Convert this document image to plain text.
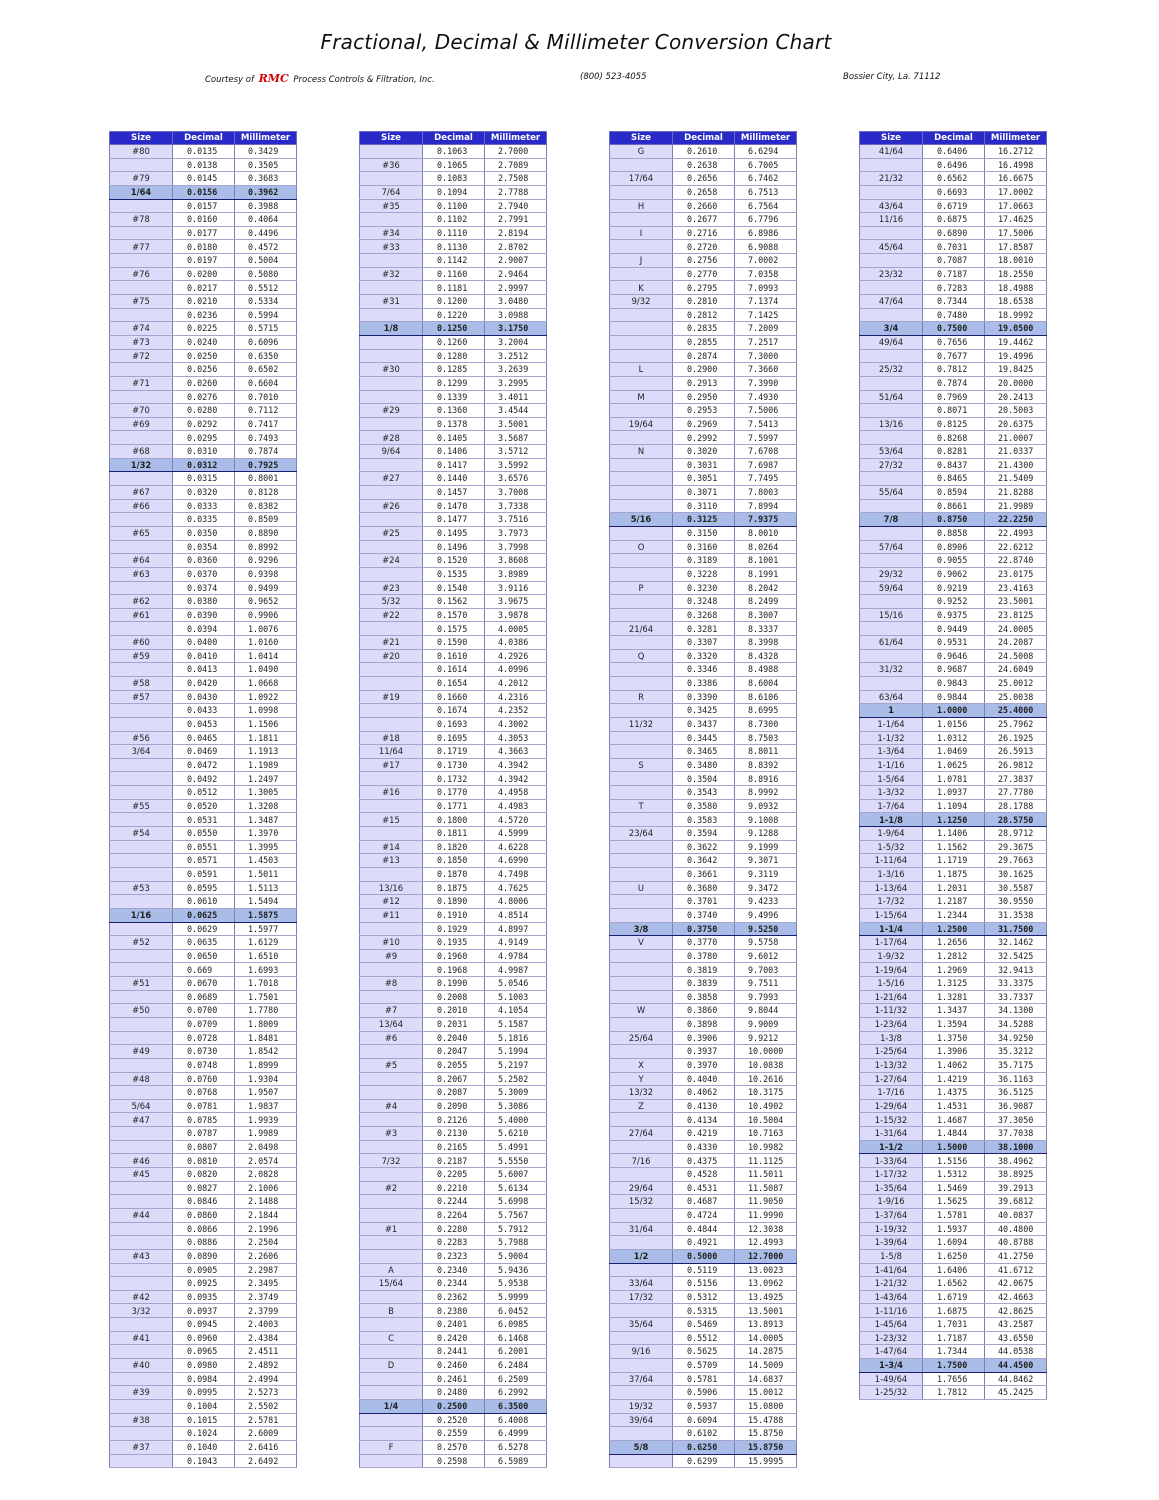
Fractional, Decimal & Millimeter Conversion Chart
Courtesy of RMC Process Controls & Filtration, Inc.	(800) 523-4055	Bossier City, La. 71112
Size	Decimal	Millimeter
#80	0.0135	0.3429
	0.0138	0.3505
#79	0.0145	0.3683
1/64	0.0156	0.3962
	0.0157	0.3988
#78	0.0160	0.4064
	0.0177	0.4496
#77	0.0180	0.4572
	0.0197	0.5004
#76	0.0200	0.5080
	0.0217	0.5512
#75	0.0210	0.5334
	0.0236	0.5994
#74	0.0225	0.5715
#73	0.0240	0.6096
#72	0.0250	0.6350
	0.0256	0.6502
#71	0.0260	0.6604
	0.0276	0.7010
#70	0.0280	0.7112
#69	0.0292	0.7417
	0.0295	0.7493
#68	0.0310	0.7874
1/32	0.0312	0.7925
	0.0315	0.8001
#67	0.0320	0.8128
#66	0.0333	0.8382
	0.0335	0.8509
#65	0.0350	0.8890
	0.0354	0.8992
#64	0.0360	0.9296
#63	0.0370	0.9398
	0.0374	0.9499
#62	0.0380	0.9652
#61	0.0390	0.9906
	0.0394	1.0076
#60	0.0400	1.0160
#59	0.0410	1.0414
	0.0413	1.0490
#58	0.0420	1.0668
#57	0.0430	1.0922
	0.0433	1.0998
	0.0453	1.1506
#56	0.0465	1.1811
3/64	0.0469	1.1913
	0.0472	1.1989
	0.0492	1.2497
	0.0512	1.3005
#55	0.0520	1.3208
	0.0531	1.3487
#54	0.0550	1.3970
	0.0551	1.3995
	0.0571	1.4503
	0.0591	1.5011
#53	0.0595	1.5113
	0.0610	1.5494
1/16	0.0625	1.5875
	0.0629	1.5977
#52	0.0635	1.6129
	0.0650	1.6510
	0.669	1.6993
#51	0.0670	1.7018
	0.0689	1.7501
#50	0.0700	1.7780
	0.0709	1.8009
	0.0728	1.8481
#49	0.0730	1.8542
	0.0748	1.8999
#48	0.0760	1.9304
	0.0768	1.9507
5/64	0.0781	1.9837
#47	0.0785	1.9939
	0.0787	1.9989
	0.0807	2.0498
#46	0.0810	2.0574
#45	0.0820	2.0828
	0.0827	2.1006
	0.0846	2.1488
#44	0.0860	2.1844
	0.0866	2.1996
	0.0886	2.2504
#43	0.0890	2.2606
	0.0905	2.2987
	0.0925	2.3495
#42	0.0935	2.3749
3/32	0.0937	2.3799
	0.0945	2.4003
#41	0.0960	2.4384
	0.0965	2.4511
#40	0.0980	2.4892
	0.0984	2.4994
#39	0.0995	2.5273
	0.1004	2.5502
#38	0.1015	2.5781
	0.1024	2.6009
#37	0.1040	2.6416
	0.1043	2.6492
Size	Decimal	Millimeter
	0.1063	2.7000
#36	0.1065	2.7089
	0.1083	2.7508
7/64	0.1094	2.7788
#35	0.1100	2.7940
	0.1102	2.7991
#34	0.1110	2.8194
#33	0.1130	2.8702
	0.1142	2.9007
#32	0.1160	2.9464
	0.1181	2.9997
#31	0.1200	3.0480
	0.1220	3.0988
1/8	0.1250	3.1750
	0.1260	3.2004
	0.1280	3.2512
#30	0.1285	3.2639
	0.1299	3.2995
	0.1339	3.4011
#29	0.1360	3.4544
	0.1378	3.5001
#28	0.1405	3.5687
9/64	0.1406	3.5712
	0.1417	3.5992
#27	0.1440	3.6576
	0.1457	3.7008
#26	0.1470	3.7338
	0.1477	3.7516
#25	0.1495	3.7973
	0.1496	3.7998
#24	0.1520	3.8608
	0.1535	3.8989
#23	0.1540	3.9116
5/32	0.1562	3.9675
#22	0.1570	3.9878
	0.1575	4.0005
#21	0.1590	4.0386
#20	0.1610	4.2926
	0.1614	4.0996
	0.1654	4.2012
#19	0.1660	4.2316
	0.1674	4.2352
	0.1693	4.3002
#18	0.1695	4.3053
11/64	0.1719	4.3663
#17	0.1730	4.3942
	0.1732	4.3942
#16	0.1770	4.4958
	0.1771	4.4983
#15	0.1800	4.5720
	0.1811	4.5999
#14	0.1820	4.6228
#13	0.1850	4.6990
	0.1870	4.7498
13/16	0.1875	4.7625
#12	0.1890	4.8006
#11	0.1910	4.8514
	0.1929	4.8997
#10	0.1935	4.9149
#9	0.1960	4.9784
	0.1968	4.9987
#8	0.1990	5.0546
	0.2008	5.1003
#7	0.2010	4.1054
13/64	0.2031	5.1587
#6	0.2040	5.1816
	0.2047	5.1994
#5	0.2055	5.2197
	0.2067	5.2502
	0.2087	5.3009
#4	0.2090	5.3086
	0.2126	5.4000
#3	0.2130	5.6210
	0.2165	5.4991
7/32	0.2187	5.5550
	0.2205	5.6007
#2	0.2210	5.6134
	0.2244	5.6998
	0.2264	5.7567
#1	0.2280	5.7912
	0.2283	5.7988
	0.2323	5.9004
A	0.2340	5.9436
15/64	0.2344	5.9538
	0.2362	5.9999
B	0.2380	6.0452
	0.2401	6.0985
C	0.2420	6.1468
	0.2441	6.2001
D	0.2460	6.2484
	0.2461	6.2509
	0.2480	6.2992
1/4	0.2500	6.3500
	0.2520	6.4008
	0.2559	6.4999
F	0.2570	6.5278
	0.2598	6.5989
Size	Decimal	Millimeter
G	0.2610	6.6294
	0.2638	6.7005
17/64	0.2656	6.7462
	0.2658	6.7513
H	0.2660	6.7564
	0.2677	6.7796
I	0.2716	6.8986
	0.2720	6.9088
J	0.2756	7.0002
	0.2770	7.0358
K	0.2795	7.0993
9/32	0.2810	7.1374
	0.2812	7.1425
	0.2835	7.2009
	0.2855	7.2517
	0.2874	7.3000
L	0.2900	7.3660
	0.2913	7.3990
M	0.2950	7.4930
	0.2953	7.5006
19/64	0.2969	7.5413
	0.2992	7.5997
N	0.3020	7.6708
	0.3031	7.6987
	0.3051	7.7495
	0.3071	7.8003
	0.3110	7.8994
5/16	0.3125	7.9375
	0.3150	8.0010
O	0.3160	8.0264
	0.3189	8.1001
	0.3228	8.1991
P	0.3230	8.2042
	0.3248	8.2499
	0.3268	8.3007
21/64	0.3281	8.3337
	0.3307	8.3998
Q	0.3320	8.4328
	0.3346	8.4988
	0.3386	8.6004
R	0.3390	8.6106
	0.3425	8.6995
11/32	0.3437	8.7300
	0.3445	8.7503
	0.3465	8.8011
S	0.3480	8.8392
	0.3504	8.8916
	0.3543	8.9992
T	0.3580	9.0932
	0.3583	9.1008
23/64	0.3594	9.1288
	0.3622	9.1999
	0.3642	9.3071
	0.3661	9.3119
U	0.3680	9.3472
	0.3701	9.4233
	0.3740	9.4996
3/8	0.3750	9.5250
V	0.3770	9.5758
	0.3780	9.6012
	0.3819	9.7003
	0.3839	9.7511
	0.3858	9.7993
W	0.3860	9.8044
	0.3898	9.9009
25/64	0.3906	9.9212
	0.3937	10.0000
X	0.3970	10.0838
Y	0.4040	10.2616
13/32	0.4062	10.3175
Z	0.4130	10.4902
	0.4134	10.5004
27/64	0.4219	10.7163
	0.4330	10.9982
7/16	0.4375	11.1125
	0.4528	11.5011
29/64	0.4531	11.5087
15/32	0.4687	11.9050
	0.4724	11.9990
31/64	0.4844	12.3038
	0.4921	12.4993
1/2	0.5000	12.7000
	0.5119	13.0023
33/64	0.5156	13.0962
17/32	0.5312	13.4925
	0.5315	13.5001
35/64	0.5469	13.8913
	0.5512	14.0005
9/16	0.5625	14.2875
	0.5709	14.5009
37/64	0.5781	14.6837
	0.5906	15.0012
19/32	0.5937	15.0800
39/64	0.6094	15.4788
	0.6102	15.8750
5/8	0.6250	15.8750
	0.6299	15.9995
Size	Decimal	Millimeter
41/64	0.6406	16.2712
	0.6496	16.4998
21/32	0.6562	16.6675
	0.6693	17.0002
43/64	0.6719	17.0663
11/16	0.6875	17.4625
	0.6890	17.5006
45/64	0.7031	17.8587
	0.7087	18.0010
23/32	0.7187	18.2550
	0.7283	18.4988
47/64	0.7344	18.6538
	0.7480	18.9992
3/4	0.7500	19.0500
49/64	0.7656	19.4462
	0.7677	19.4996
25/32	0.7812	19.8425
	0.7874	20.0000
51/64	0.7969	20.2413
	0.8071	20.5003
13/16	0.8125	20.6375
	0.8268	21.0007
53/64	0.8281	21.0337
27/32	0.8437	21.4300
	0.8465	21.5409
55/64	0.8594	21.8288
	0.8661	21.9989
7/8	0.8750	22.2250
	0.8858	22.4993
57/64	0.8906	22.6212
	0.9055	22.8740
29/32	0.9062	23.0175
59/64	0.9219	23.4163
	0.9252	23.5001
15/16	0.9375	23.8125
	0.9449	24.0005
61/64	0.9531	24.2087
	0.9646	24.5008
31/32	0.9687	24.6049
	0.9843	25.0012
63/64	0.9844	25.0038
1	1.0000	25.4000
1-1/64	1.0156	25.7962
1-1/32	1.0312	26.1925
1-3/64	1.0469	26.5913
1-1/16	1.0625	26.9812
1-5/64	1.0781	27.3837
1-3/32	1.0937	27.7780
1-7/64	1.1094	28.1788
1-1/8	1.1250	28.5750
1-9/64	1.1406	28.9712
1-5/32	1.1562	29.3675
1-11/64	1.1719	29.7663
1-3/16	1.1875	30.1625
1-13/64	1.2031	30.5587
1-7/32	1.2187	30.9550
1-15/64	1.2344	31.3538
1-1/4	1.2500	31.7500
1-17/64	1.2656	32.1462
1-9/32	1.2812	32.5425
1-19/64	1.2969	32.9413
1-5/16	1.3125	33.3375
1-21/64	1.3281	33.7337
1-11/32	1.3437	34.1300
1-23/64	1.3594	34.5288
1-3/8	1.3750	34.9250
1-25/64	1.3906	35.3212
1-13/32	1.4062	35.7175
1-27/64	1.4219	36.1163
1-7/16	1.4375	36.5125
1-29/64	1.4531	36.9087
1-15/32	1.4687	37.3050
1-31/64	1.4844	37.7038
1-1/2	1.5000	38.1000
1-33/64	1.5156	38.4962
1-17/32	1.5312	38.8925
1-35/64	1.5469	39.2913
1-9/16	1.5625	39.6812
1-37/64	1.5781	40.0837
1-19/32	1.5937	40.4800
1-39/64	1.6094	40.8788
1-5/8	1.6250	41.2750
1-41/64	1.6406	41.6712
1-21/32	1.6562	42.0675
1-43/64	1.6719	42.4663
1-11/16	1.6875	42.8625
1-45/64	1.7031	43.2587
1-23/32	1.7187	43.6550
1-47/64	1.7344	44.0538
1-3/4	1.7500	44.4500
1-49/64	1.7656	44.8462
1-25/32	1.7812	45.2425
